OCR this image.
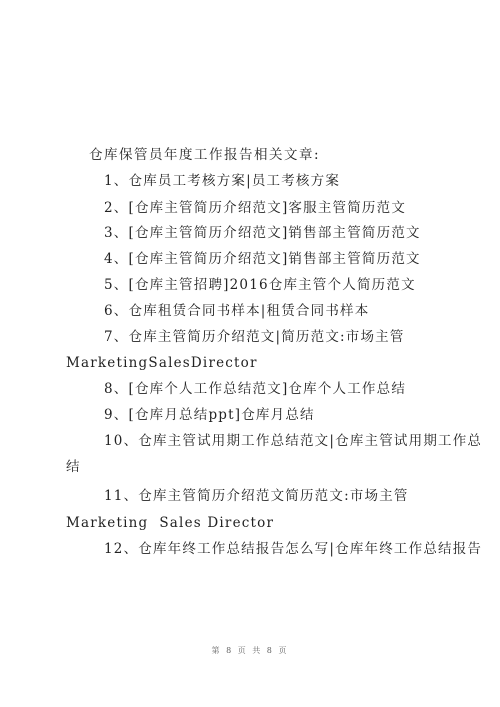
仓库保管员年度工作报告相关文章:
1、仓库员工考核方案|员工考核方案
2、[仓库主管简历介绍范文]客服主管简历范文
3、[仓库主管简历介绍范文]销售部主管简历范文
4、[仓库主管简历介绍范文]销售部主管简历范文
5、[仓库主管招聘]2016仓库主管个人简历范文
6、仓库租赁合同书样本|租赁合同书样本
7、仓库主管简历介绍范文|简历范文:市场主管
MarketingSalesDirector
8、[仓库个人工作总结范文]仓库个人工作总结
9、[仓库月总结ppt]仓库月总结
10、仓库主管试用期工作总结范文|仓库主管试用期工作总
结
11、仓库主管简历介绍范文简历范文:市场主管
Marketing  Sales Director
12、仓库年终工作总结报告怎么写|仓库年终工作总结报告
第 8 页 共 8 页
